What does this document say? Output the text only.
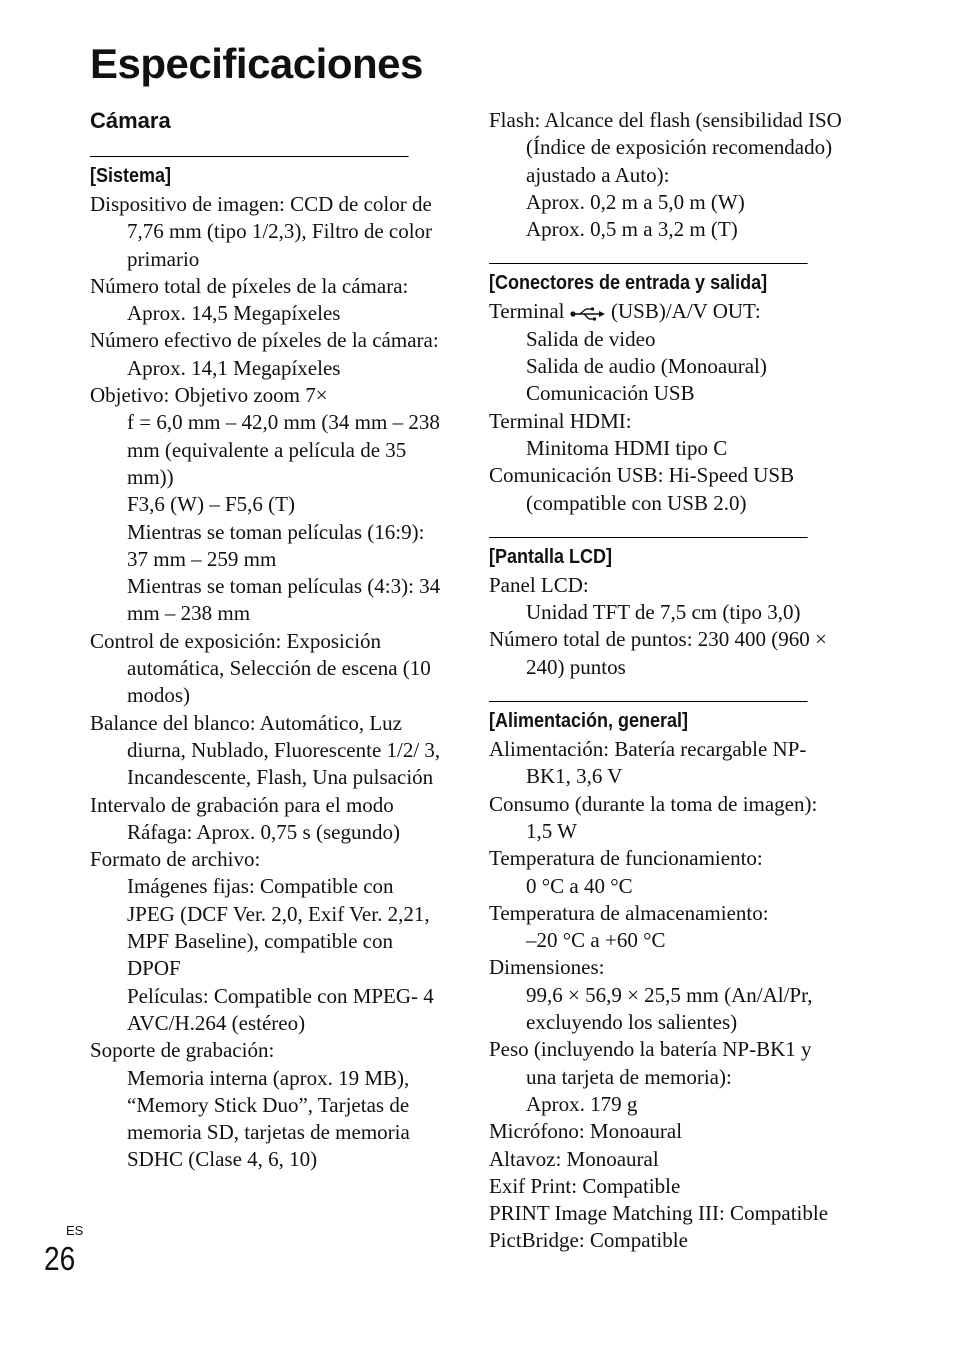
Especificaciones
Cámara
[Sistema]

Dispositivo de imagen: CCD de color de 7,76 mm (tipo 1/2,3), Filtro de color primario

Número total de píxeles de la cámara:

Aprox. 14,5 Megapíxeles

Número efectivo de píxeles de la cámara:

Aprox. 14,1 Megapíxeles

Objetivo: Objetivo zoom 7×

f = 6,0 mm – 42,0 mm (34 mm – 238 mm (equivalente a película de 35 mm))

F3,6 (W) – F5,6 (T)

Mientras se toman películas (16:9): 37 mm – 259 mm

Mientras se toman películas (4:3): 34 mm – 238 mm

Control de exposición: Exposición automática, Selección de escena (10 modos)

Balance del blanco: Automático, Luz diurna, Nublado, Fluorescente 1/2/ 3, Incandescente, Flash, Una pulsación

Intervalo de grabación para el modo Ráfaga: Aprox. 0,75 s (segundo)

Formato de archivo:

Imágenes fijas: Compatible con JPEG (DCF Ver. 2,0, Exif Ver. 2,21, MPF Baseline), compatible con DPOF

Películas: Compatible con MPEG- 4 AVC/H.264 (estéreo)

Soporte de grabación:

Memoria interna (aprox. 19 MB), “Memory Stick Duo”, Tarjetas de memoria SD, tarjetas de memoria SDHC (Clase 4, 6, 10)

Flash: Alcance del flash (sensibilidad ISO (Índice de exposición recomendado) ajustado a Auto):

Aprox. 0,2 m a 5,0 m (W)

Aprox. 0,5 m a 3,2 m (T)

[Conectores de entrada y salida]

Terminal (USB)/A/V OUT:

Salida de video

Salida de audio (Monoaural)

Comunicación USB

Terminal HDMI:

Minitoma HDMI tipo C

Comunicación USB: Hi-Speed USB (compatible con USB 2.0)

[Pantalla LCD]

Panel LCD:

Unidad TFT de 7,5 cm (tipo 3,0)

Número total de puntos: 230 400 (960 × 240) puntos

[Alimentación, general]

Alimentación: Batería recargable NP-BK1, 3,6 V

Consumo (durante la toma de imagen): 1,5 W

Temperatura de funcionamiento:

0 °C a 40 °C

Temperatura de almacenamiento:

–20 °C a +60 °C

Dimensiones:

99,6 × 56,9 × 25,5 mm (An/Al/Pr, excluyendo los salientes)

Peso (incluyendo la batería NP-BK1 y una tarjeta de memoria):

Aprox. 179 g

Micrófono: Monoaural

Altavoz: Monoaural

Exif Print: Compatible

PRINT Image Matching III: Compatible

PictBridge: Compatible

ES
26
